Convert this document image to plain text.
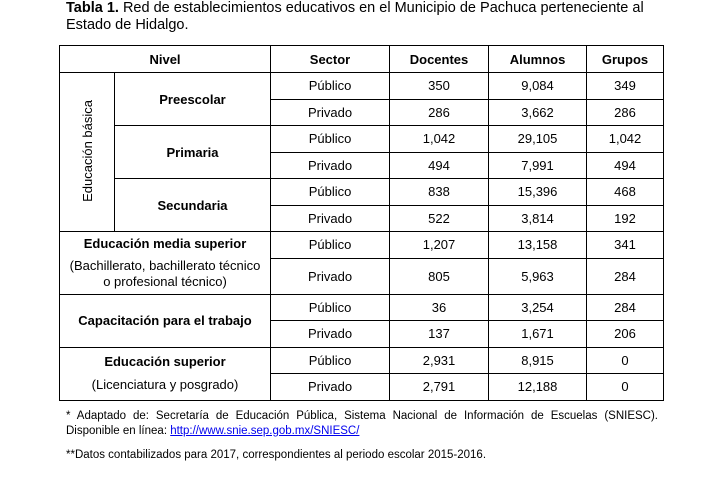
Tabla 1. Red de establecimientos educativos en el Municipio de Pachuca perteneciente al Estado de Hidalgo.
Nivel		Sector	Docentes	Alumnos	Grupos
Educación básica	Preescolar	Público	350	9,084	349
		Privado	286	3,662	286
	Primaria	Público	1,042	29,105	1,042
		Privado	494	7,991	494
	Secundaria	Público	838	15,396	468
		Privado	522	3,814	192

Educación media superior
(Bachillerato, bachillerato técnico o profesional técnico)		Público	1,207	13,158	341
		Privado	805	5,963	284
Capacitación para el trabajo		Público	36	3,254	284
		Privado	137	1,671	206

Educación superior
(Licenciatura y posgrado)		Público	2,931	8,915	0
		Privado	2,791	12,188	0

* Adaptado de: Secretaría de Educación Pública, Sistema Nacional de Información de Escuelas (SNIESC).

Disponible en línea: http://www.snie.sep.gob.mx/SNIESC/

**Datos contabilizados para 2017, correspondientes al periodo escolar 2015-2016.
